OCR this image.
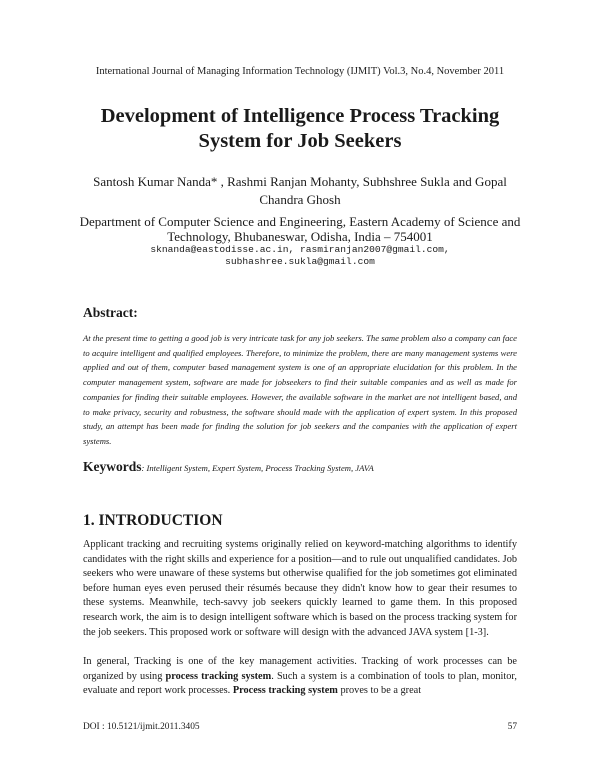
International Journal of Managing Information Technology (IJMIT) Vol.3, No.4, November 2011
Development of Intelligence Process Tracking
System for Job Seekers
Santosh Kumar Nanda* , Rashmi Ranjan Mohanty, Subhshree Sukla and Gopal
Chandra Ghosh
Department of Computer Science and Engineering, Eastern Academy of Science and
Technology, Bhubaneswar, Odisha, India – 754001
sknanda@eastodisse.ac.in, rasmiranjan2007@gmail.com,
subhashree.sukla@gmail.com
Abstract:
At the present time to getting a good job is very intricate task for any job seekers. The same problem also a company can face to acquire intelligent and qualified employees. Therefore, to minimize the problem, there are many management systems were applied and out of them, computer based management system is one of an appropriate elucidation for this problem. In the computer management system, software are made for jobseekers to find their suitable companies and as well as made for companies for finding their suitable employees. However, the available software in the market are not intelligent based, and to make privacy, security and robustness, the software should made with the application of expert system. In this proposed study, an attempt has been made for finding the solution for job seekers and the companies with the application of expert systems.
Keywords: Intelligent System, Expert System, Process Tracking System, JAVA
1. INTRODUCTION
Applicant tracking and recruiting systems originally relied on keyword-matching algorithms to identify candidates with the right skills and experience for a position—and to rule out unqualified candidates. Job seekers who were unaware of these systems but otherwise qualified for the job sometimes got eliminated before human eyes even perused their résumés because they didn't know how to gear their resumes to these systems. Meanwhile, tech-savvy job seekers quickly learned to game them. In this proposed research work, the aim is to design intelligent software which is based on the process tracking system for the job seekers. This proposed work or software will design with the advanced JAVA system [1-3].
In general, Tracking is one of the key management activities. Tracking of work processes can be organized by using process tracking system. Such a system is a combination of tools to plan, monitor, evaluate and report work processes. Process tracking system proves to be a great
DOI : 10.5121/ijmit.2011.3405	57
